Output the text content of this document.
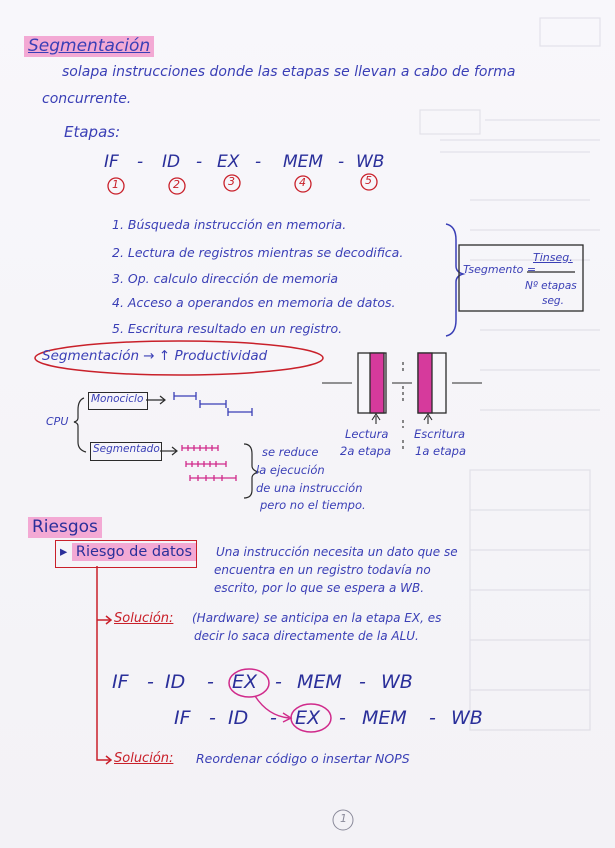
Segmentación
solapa instrucciones donde las etapas se llevan a cabo de forma
concurrente.
Etapas:
IF - ID - EX - MEM - WB
1	2	3	4	5
1. Búsqueda instrucción en memoria.
2. Lectura de registros mientras se decodifica.
3. Op. calculo dirección de memoria
4. Acceso a operandos en memoria de datos.
5. Escritura resultado en un registro.
Tsegmento =
Tinseg.
Nº etapas
seg.
Segmentación → ↑ Productividad
CPU
Monociclo
Segmentado	se reduce
la ejecución
de una instrucción
pero no el tiempo.
Lectura
2a etapa
Escritura
1a etapa
Riesgos
▸ Riesgo de datos	Una instrucción necesita un dato que se
encuentra en un registro todavía no
escrito, por lo que se espera a WB.
Solución: (Hardware) se anticipa en la etapa EX, es
decir lo saca directamente de la ALU.
IF - ID - EX - MEM - WB
IF - ID - EX - MEM - WB
Solución: Reordenar código o insertar NOPS
1
